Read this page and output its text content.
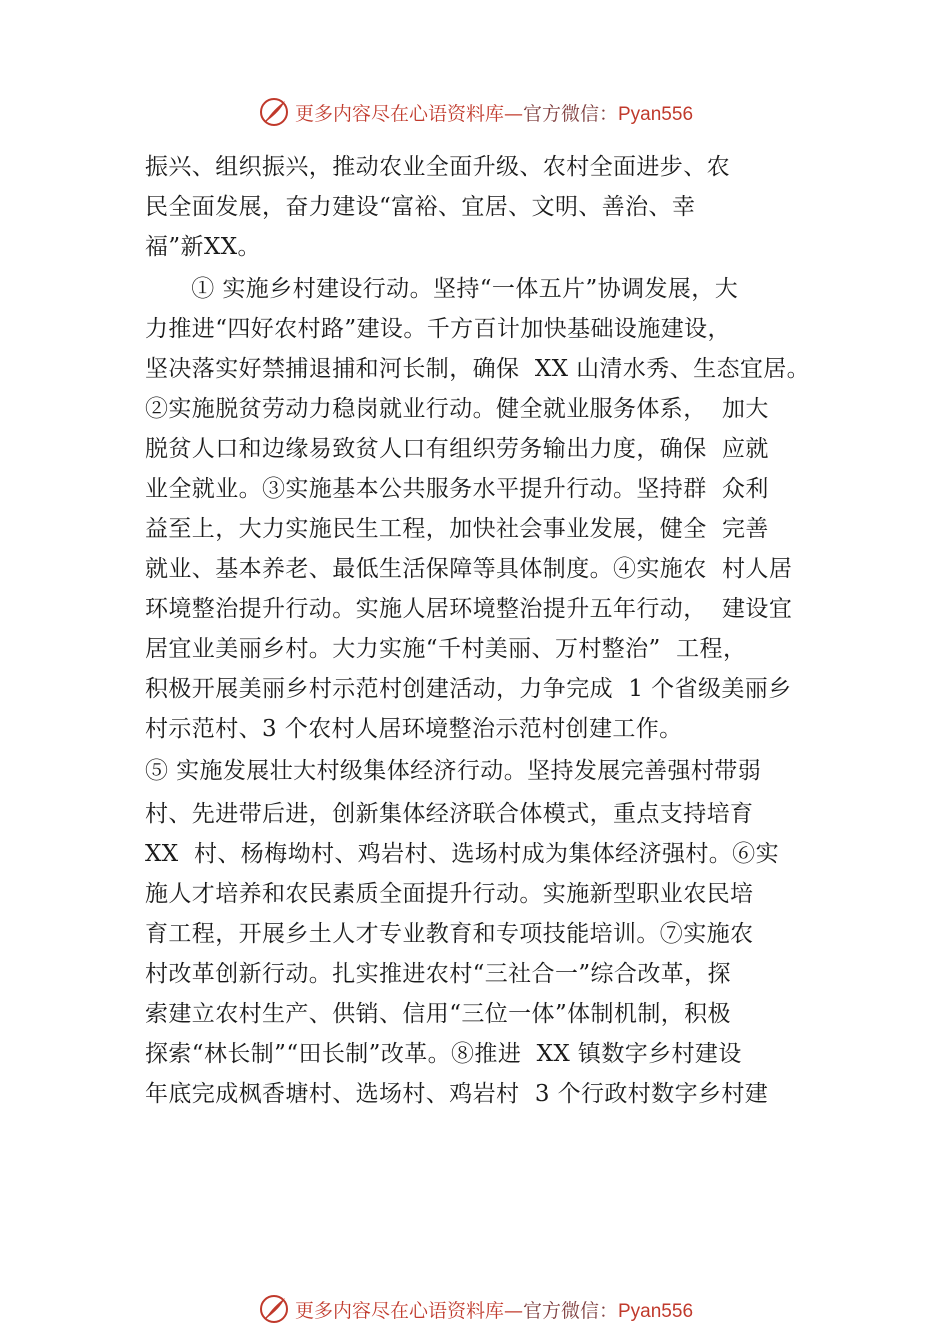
更多内容尽在心语资料库—官方微信：Pyan556
振兴、组织振兴，推动农业全面升级、农村全面进步、农
民全面发展，奋力建设“富裕、宜居、文明、善治、幸
福”新XX。
① 实施乡村建设行动。坚持“一体五片”协调发展，大
力推进“四好农村路”建设。千方百计加快基础设施建设，
坚决落实好禁捕退捕和河长制，确保  XX 山清水秀、生态宜居。
②实施脱贫劳动力稳岗就业行动。健全就业服务体系，  加大
脱贫人口和边缘易致贫人口有组织劳务输出力度，确保  应就
业全就业。③实施基本公共服务水平提升行动。坚持群  众利
益至上，大力实施民生工程，加快社会事业发展，健全  完善
就业、基本养老、最低生活保障等具体制度。④实施农  村人居
环境整治提升行动。实施人居环境整治提升五年行动，  建设宜
居宜业美丽乡村。大力实施“千村美丽、万村整治”  工程，
积极开展美丽乡村示范村创建活动，力争完成  1 个省级美丽乡
村示范村、3 个农村人居环境整治示范村创建工作。
⑤ 实施发展壮大村级集体经济行动。坚持发展完善强村带弱
村、先进带后进，创新集体经济联合体模式，重点支持培育
XX  村、杨梅坳村、鸡岩村、选场村成为集体经济强村。⑥实
施人才培养和农民素质全面提升行动。实施新型职业农民培
育工程，开展乡土人才专业教育和专项技能培训。⑦实施农
村改革创新行动。扎实推进农村“三社合一”综合改革，探
索建立农村生产、供销、信用“三位一体”体制机制，积极
探索“林长制”“田长制”改革。⑧推进  XX 镇数字乡村建设
年底完成枫香塘村、选场村、鸡岩村  3 个行政村数字乡村建
更多内容尽在心语资料库—官方微信：Pyan556
